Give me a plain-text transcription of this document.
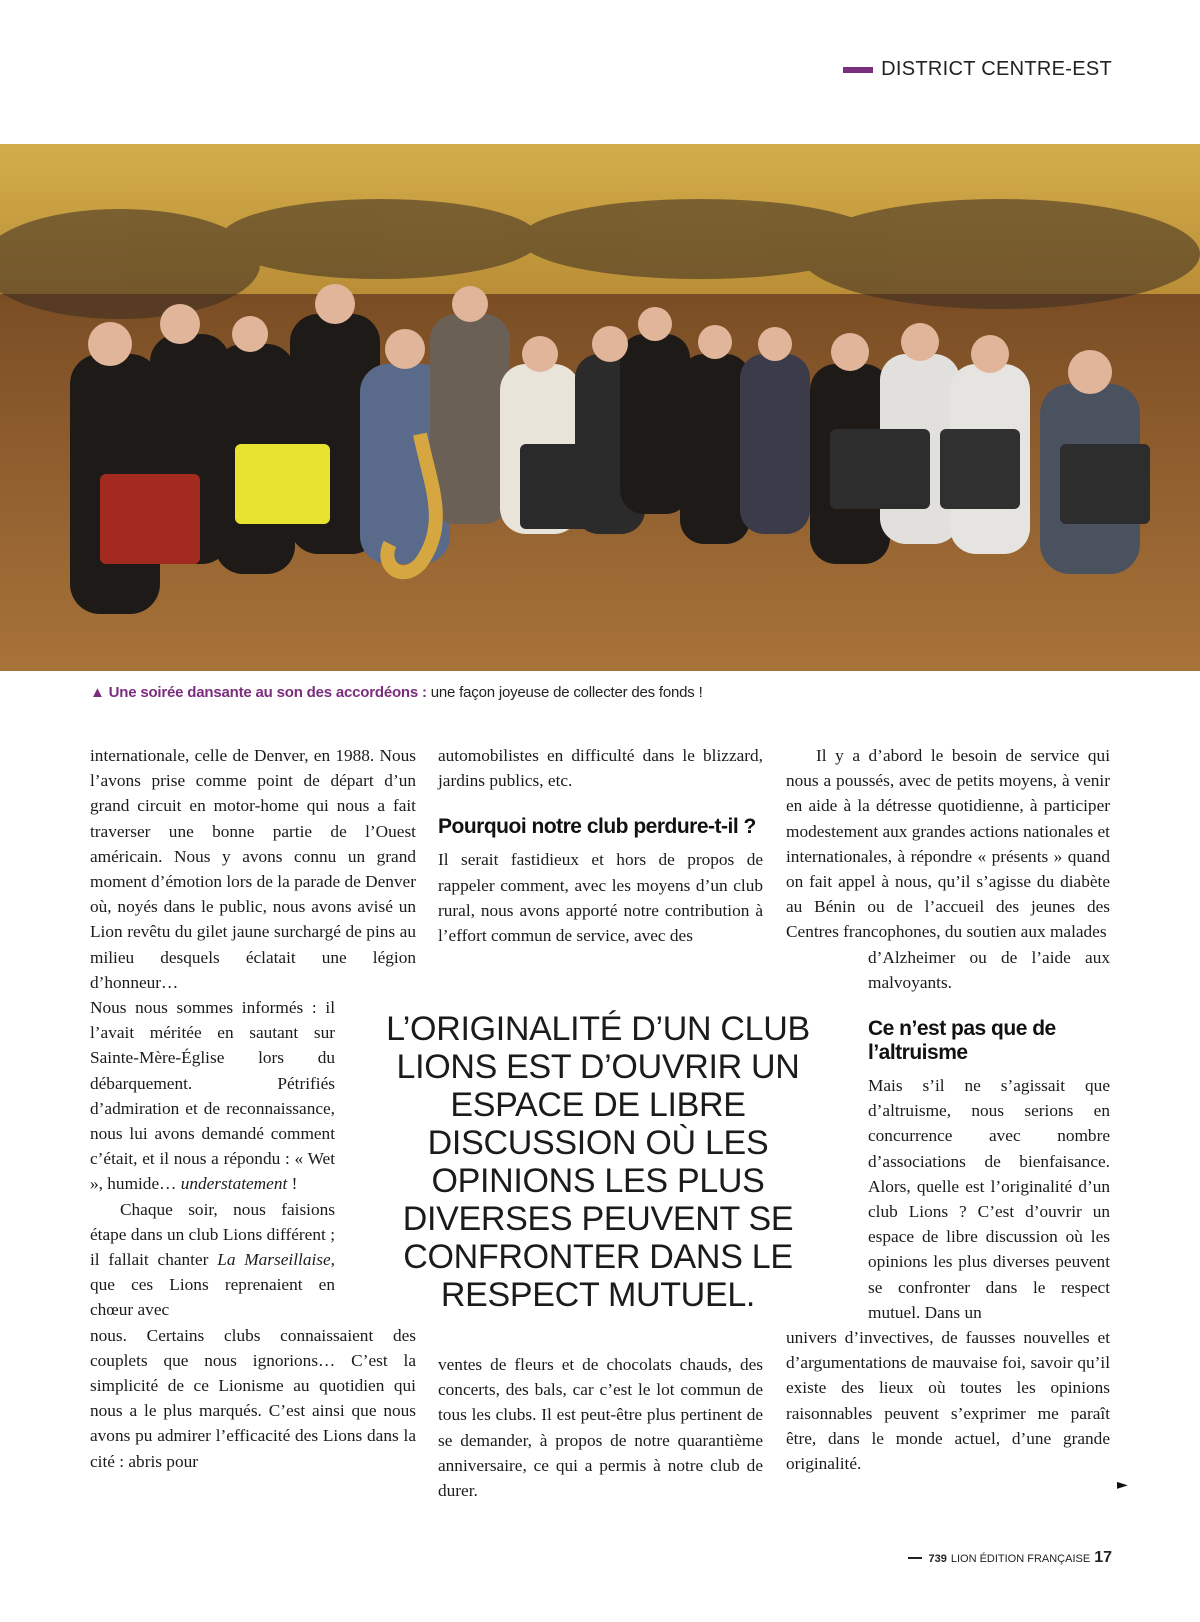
DISTRICT CENTRE-EST
▲ Une soirée dansante au son des accordéons : une façon joyeuse de collecter des fonds !

internationale, celle de Denver, en 1988. Nous l’avons prise comme point de départ d’un grand circuit en motor-home qui nous a fait traverser une bonne partie de l’Ouest américain. Nous y avons connu un grand moment d’émotion lors de la parade de Denver où, noyés dans le public, nous avons avisé un Lion revêtu du gilet jaune surchargé de pins au milieu desquels éclatait une légion d’honneur…

Nous nous sommes informés : il l’avait méritée en sautant sur Sainte-Mère-Église lors du débarquement. Pétrifiés d’admiration et de reconnaissance, nous lui avons demandé comment c’était, et il nous a répondu : « Wet », humide… understatement !

Chaque soir, nous faisions étape dans un club Lions différent ; il fallait chanter La Marseillaise, que ces Lions reprenaient en chœur avec

nous. Certains clubs connaissaient des couplets que nous ignorions… C’est la simplicité de ce Lionisme au quotidien qui nous a le plus marqués. C’est ainsi que nous avons pu admirer l’efficacité des Lions dans la cité : abris pour

automobilistes en difficulté dans le blizzard, jardins publics, etc.

Pourquoi notre club perdure-t-il ?

Il serait fastidieux et hors de propos de rappeler comment, avec les moyens d’un club rural, nous avons apporté notre contribution à l’effort commun de service, avec des

L’ORIGINALITÉ D’UN CLUB LIONS EST D’OUVRIR UN ESPACE DE LIBRE DISCUSSION OÙ LES OPINIONS LES PLUS DIVERSES PEUVENT SE CONFRONTER DANS LE RESPECT MUTUEL.

ventes de fleurs et de chocolats chauds, des concerts, des bals, car c’est le lot commun de tous les clubs. Il est peut-être plus pertinent de se demander, à propos de notre quarantième anniversaire, ce qui a permis à notre club de durer.

Il y a d’abord le besoin de service qui nous a poussés, avec de petits moyens, à venir en aide à la détresse quotidienne, à participer modestement aux grandes actions nationales et internationales, à répondre « présents » quand on fait appel à nous, qu’il s’agisse du diabète au Bénin ou de l’accueil des jeunes des Centres francophones, du soutien aux malades

d’Alzheimer ou de l’aide aux malvoyants.

Ce n’est pas que de l’altruisme

Mais s’il ne s’agissait que d’altruisme, nous serions en concurrence avec nombre d’associations de bienfaisance. Alors, quelle est l’originalité d’un club Lions ? C’est d’ouvrir un espace de libre discussion où les opinions les plus diverses peuvent se confronter dans le respect mutuel. Dans un

univers d’invectives, de fausses nouvelles et d’argumentations de mauvaise foi, savoir qu’il existe des lieux où toutes les opinions raisonnables peuvent s’exprimer me paraît être, dans le monde actuel, d’une grande originalité.

►
739 LION ÉDITION FRANÇAISE 17
